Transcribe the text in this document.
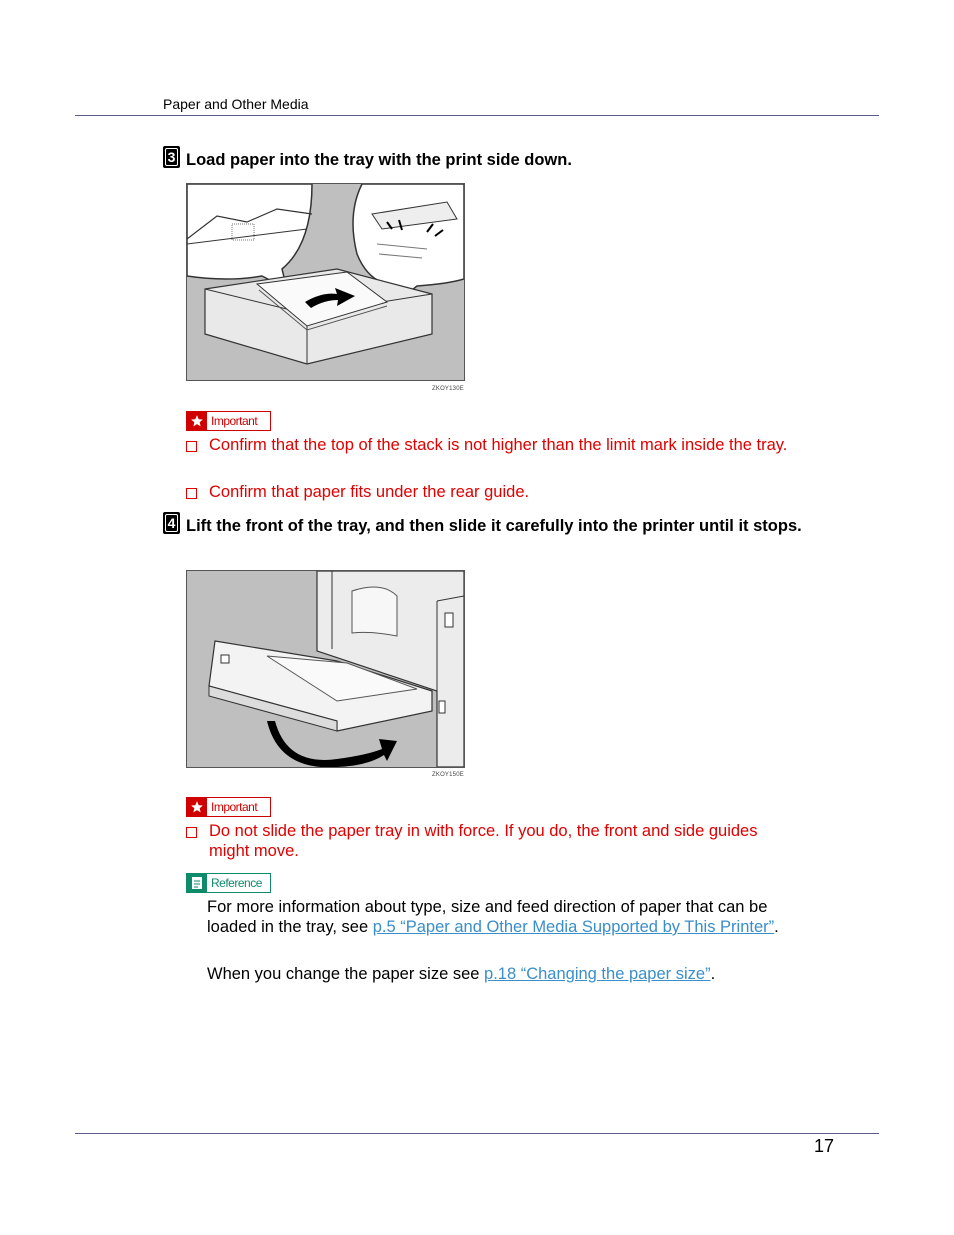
Paper and Other Media
3 Load paper into the tray with the print side down.
ZKOY130E
Important
Confirm that the top of the stack is not higher than the limit mark inside the tray.
Confirm that paper fits under the rear guide.
4 Lift the front of the tray, and then slide it carefully into the printer until it stops.
ZKOY150E
Important
Do not slide the paper tray in with force. If you do, the front and side guides might move.
Reference
For more information about type, size and feed direction of paper that can be loaded in the tray, see p.5 “Paper and Other Media Supported by This Printer”.
When you change the paper size see p.18 “Changing the paper size”.
17
